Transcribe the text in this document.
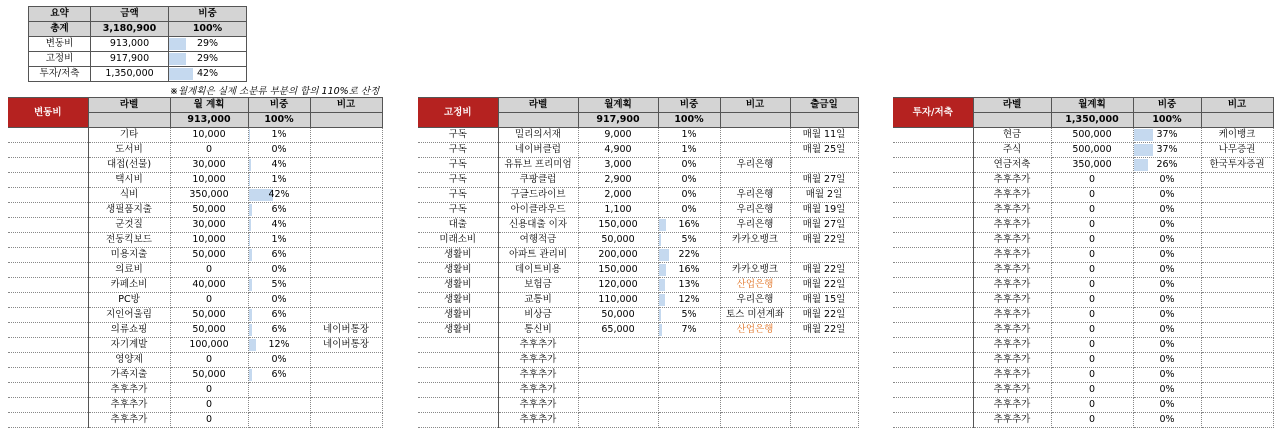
요약	금액	비중
총계	3,180,900	100%
변동비	913,000	29%
고정비	917,900	29%
투자/저축	1,350,000	42%
※월계획은 실제 소분류 부분의 합의 110%로 산정
변동비	라벨	월 계획	비중	비고
		913,000	100%	
	기타	10,000	1%	
	도서비	0	0%	
	대접(선물)	30,000	4%	
	택시비	10,000	1%	
	식비	350,000	42%	
	생필품지출	50,000	6%	
	군것질	30,000	4%	
	전동킥보드	10,000	1%	
	미용지출	50,000	6%	
	의료비	0	0%	
	카페소비	40,000	5%	
	PC방	0	0%	
	지인어울림	50,000	6%	
	의류쇼핑	50,000	6%	네이버통장
	자기계발	100,000	12%	네이버통장
	영양제	0	0%	
	가족지출	50,000	6%	
	추후추가	0	

	추후추가	0	

	추후추가	0	

고정비	라벨	월계획	비중	비고	출금일
		917,900	100%		
구독	밀리의서재	9,000	1%		매월 11일
구독	네이버클럽	4,900	1%		매월 25일
구독	유튜브 프리미엄	3,000	0%	우리은행	
구독	쿠팡클럽	2,900	0%		매월 27일
구독	구글드라이브	2,000	0%	우리은행	매월 2일
구독	아이클라우드	1,100	0%	우리은행	매월 19일
대출	신용대출 이자	150,000	16%	우리은행	매월 27일
미래소비	여행적금	50,000	5%	카카오뱅크	매월 22일
생활비	아파트 관리비	200,000	22%		
생활비	데이트비용	150,000	16%	카카오뱅크	매월 22일
생활비	보험금	120,000	13%	산업은행	매월 22일
생활비	교통비	110,000	12%	우리은행	매월 15일
생활비	비상금	50,000	5%	토스 미션계좌	매월 22일
생활비	통신비	65,000	7%	산업은행	매월 22일
	추후추가		

	추후추가		

	추후추가		

	추후추가		

	추후추가		

	추후추가		

투자/저축	라벨	월계획	비중	비고
		1,350,000	100%	
	현금	500,000	37%	케이뱅크
	주식	500,000	37%	나무증권
	연금저축	350,000	26%	한국투자증권
	추후추가	0	0%	
	추후추가	0	0%	
	추후추가	0	0%	
	추후추가	0	0%	
	추후추가	0	0%	
	추후추가	0	0%	
	추후추가	0	0%	
	추후추가	0	0%	
	추후추가	0	0%	
	추후추가	0	0%	
	추후추가	0	0%	
	추후추가	0	0%	
	추후추가	0	0%	
	추후추가	0	0%	
	추후추가	0	0%	
	추후추가	0	0%	
	추후추가	0	0%	
